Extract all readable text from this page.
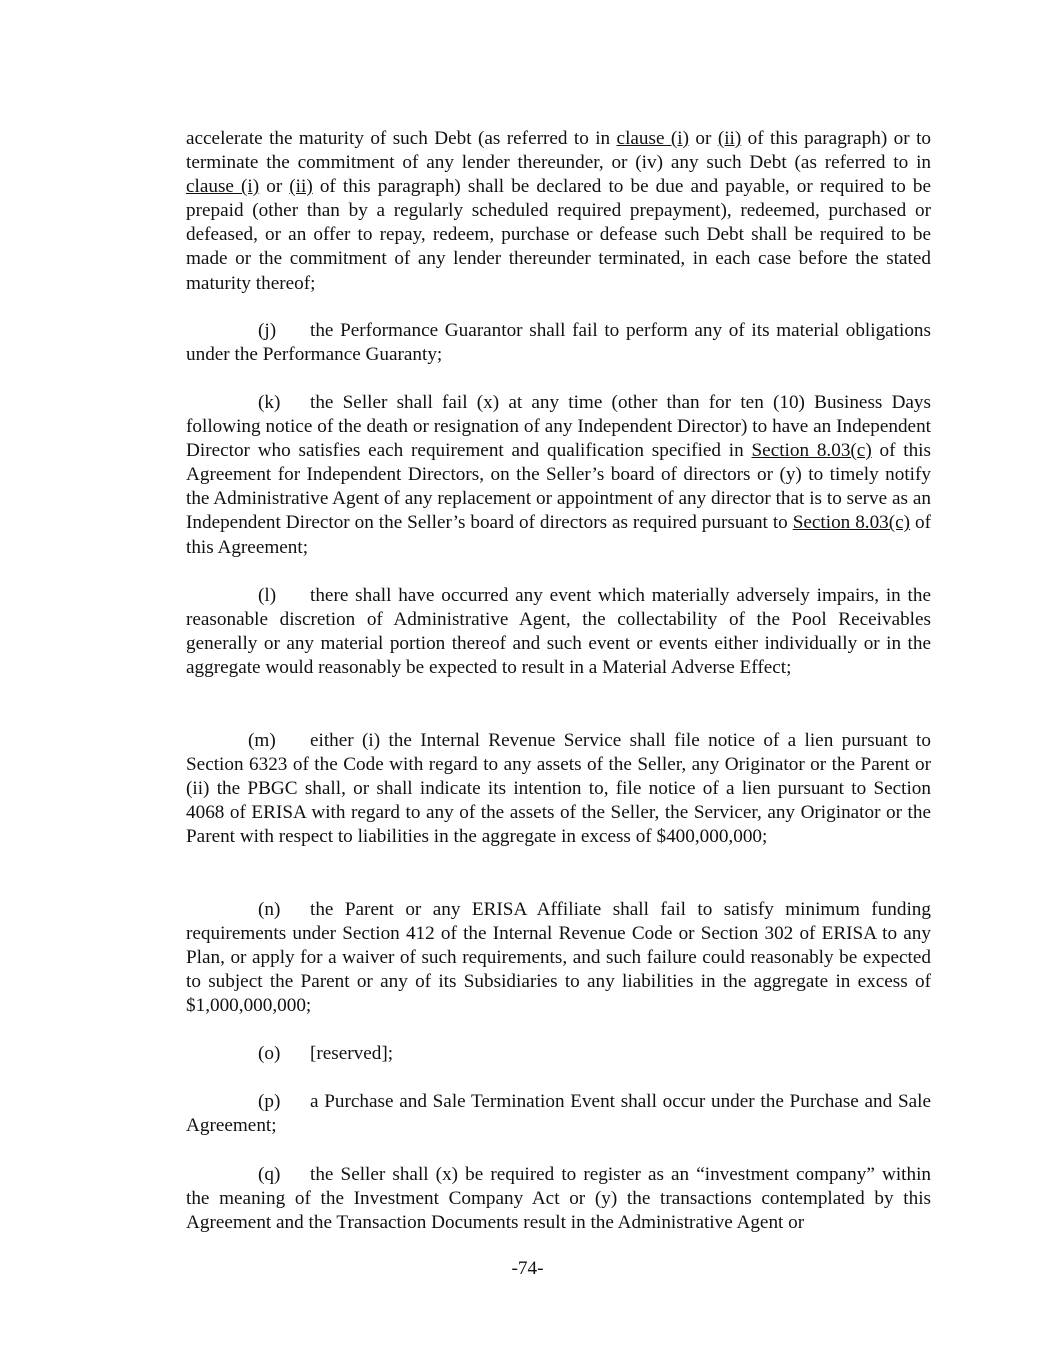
accelerate the maturity of such Debt (as referred to in clause (i) or (ii) of this paragraph) or to terminate the commitment of any lender thereunder, or (iv) any such Debt (as referred to in clause (i) or (ii) of this paragraph) shall be declared to be due and payable, or required to be prepaid (other than by a regularly scheduled required prepayment), redeemed, purchased or defeased, or an offer to repay, redeem, purchase or defease such Debt shall be required to be made or the commitment of any lender thereunder terminated, in each case before the stated maturity thereof;

(j) the Performance Guarantor shall fail to perform any of its material obligations under the Performance Guaranty;

(k) the Seller shall fail (x) at any time (other than for ten (10) Business Days following notice of the death or resignation of any Independent Director) to have an Independent Director who satisfies each requirement and qualification specified in Section 8.03(c) of this Agreement for Independent Directors, on the Seller’s board of directors or (y) to timely notify the Administrative Agent of any replacement or appointment of any director that is to serve as an Independent Director on the Seller’s board of directors as required pursuant to Section 8.03(c) of this Agreement;

(l) there shall have occurred any event which materially adversely impairs, in the reasonable discretion of Administrative Agent, the collectability of the Pool Receivables generally or any material portion thereof and such event or events either individually or in the aggregate would reasonably be expected to result in a Material Adverse Effect;

(m) either (i) the Internal Revenue Service shall file notice of a lien pursuant to Section 6323 of the Code with regard to any assets of the Seller, any Originator or the Parent or (ii) the PBGC shall, or shall indicate its intention to, file notice of a lien pursuant to Section 4068 of ERISA with regard to any of the assets of the Seller, the Servicer, any Originator or the Parent with respect to liabilities in the aggregate in excess of $400,000,000;

(n) the Parent or any ERISA Affiliate shall fail to satisfy minimum funding requirements under Section 412 of the Internal Revenue Code or Section 302 of ERISA to any Plan, or apply for a waiver of such requirements, and such failure could reasonably be expected to subject the Parent or any of its Subsidiaries to any liabilities in the aggregate in excess of $1,000,000,000;

(o) [reserved];

(p) a Purchase and Sale Termination Event shall occur under the Purchase and Sale Agreement;

(q) the Seller shall (x) be required to register as an “investment company” within the meaning of the Investment Company Act or (y) the transactions contemplated by this Agreement and the Transaction Documents result in the Administrative Agent or

-74-
